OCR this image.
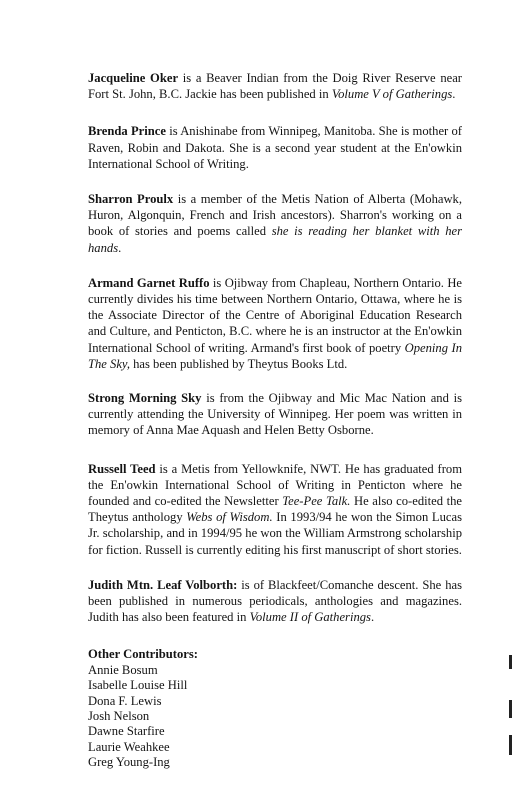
Jacqueline Oker is a Beaver Indian from the Doig River Reserve near Fort St. John, B.C. Jackie has been published in Volume V of Gatherings.

Brenda Prince is Anishinabe from Winnipeg, Manitoba. She is mother of Raven, Robin and Dakota. She is a second year student at the En'owkin International School of Writing.

Sharron Proulx is a member of the Metis Nation of Alberta (Mohawk, Huron, Algonquin, French and Irish ancestors). Sharron's working on a book of stories and poems called she is reading her blanket with her hands.

Armand Garnet Ruffo is Ojibway from Chapleau, Northern Ontario. He currently divides his time between Northern Ontario, Ottawa, where he is the Associate Director of the Centre of Aboriginal Education Research and Culture, and Penticton, B.C. where he is an instructor at the En'owkin International School of writing. Armand's first book of poetry Opening In The Sky, has been published by Theytus Books Ltd.

Strong Morning Sky is from the Ojibway and Mic Mac Nation and is currently attending the University of Winnipeg. Her poem was written in memory of Anna Mae Aquash and Helen Betty Osborne.

Russell Teed is a Metis from Yellowknife, NWT. He has graduated from the En'owkin International School of Writing in Penticton where he founded and co-edited the Newsletter Tee-Pee Talk. He also co-edited the Theytus anthology Webs of Wisdom. In 1993/94 he won the Simon Lucas Jr. scholarship, and in 1994/95 he won the William Armstrong scholarship for fiction. Russell is currently editing his first manuscript of short stories.

Judith Mtn. Leaf Volborth: is of Blackfeet/Comanche descent. She has been published in numerous periodicals, anthologies and magazines. Judith has also been featured in Volume II of Gatherings.

Other Contributors:

Annie Bosum
Isabelle Louise Hill
Dona F. Lewis
Josh Nelson
Dawne Starfire
Laurie Weahkee
Greg Young-Ing
